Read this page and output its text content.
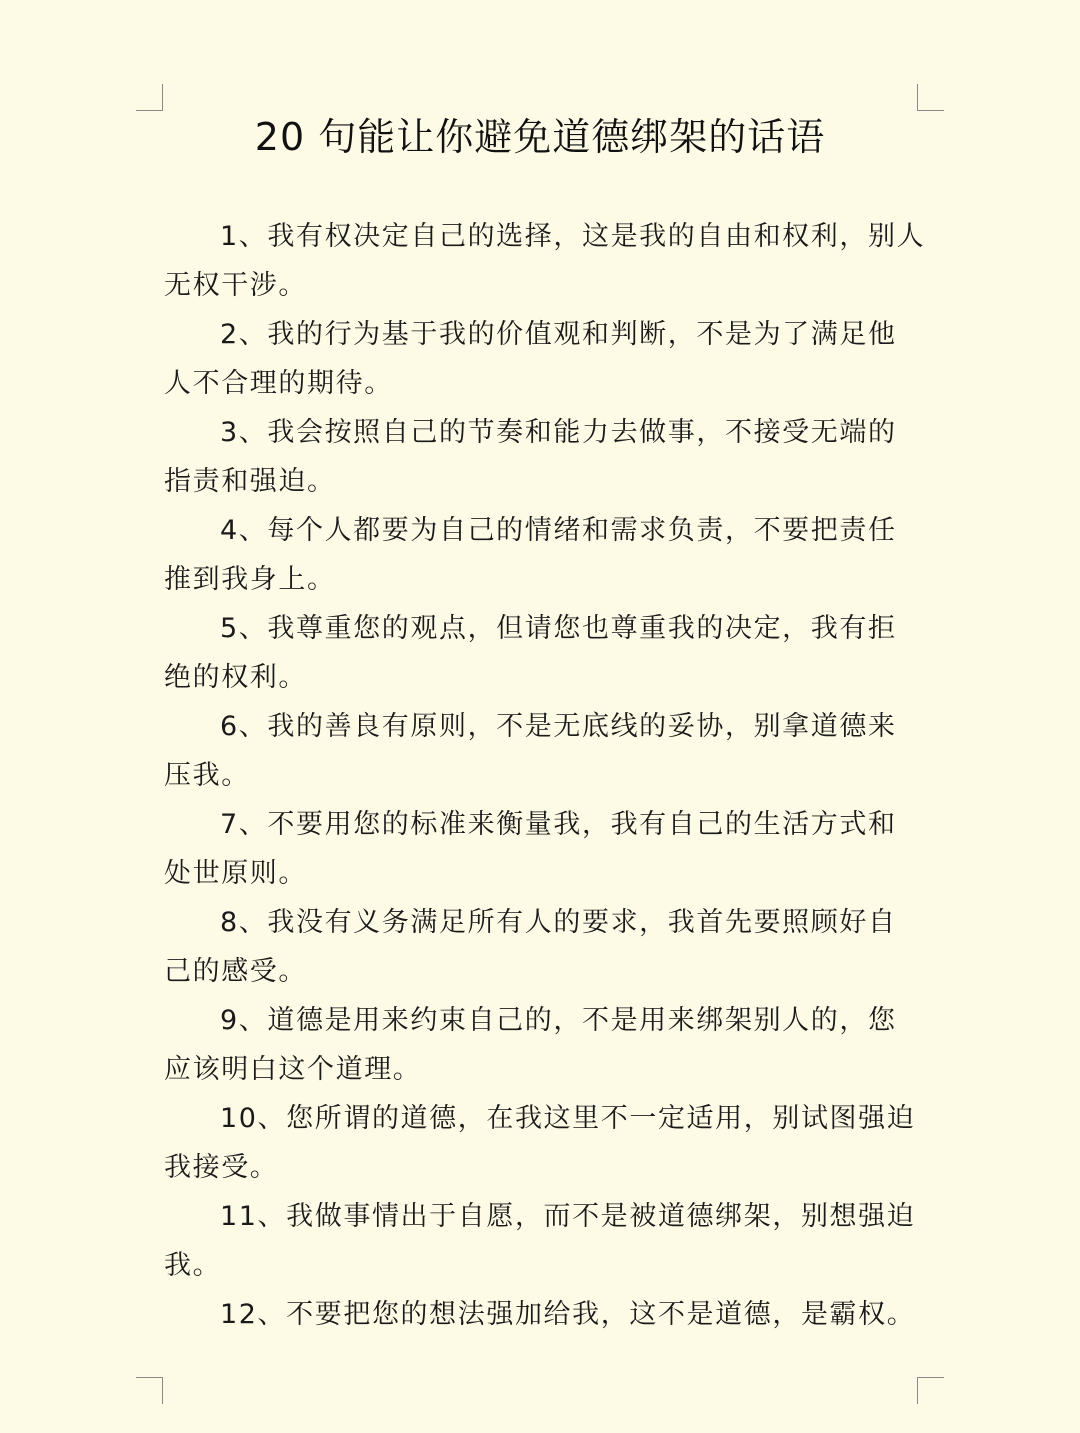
20 句能让你避免道德绑架的话语

1、我有权决定自己的选择，这是我的自由和权利，别人
无权干涉。

2、我的行为基于我的价值观和判断，不是为了满足他
人不合理的期待。

3、我会按照自己的节奏和能力去做事，不接受无端的
指责和强迫。

4、每个人都要为自己的情绪和需求负责，不要把责任
推到我身上。

5、我尊重您的观点，但请您也尊重我的决定，我有拒
绝的权利。

6、我的善良有原则，不是无底线的妥协，别拿道德来
压我。

7、不要用您的标准来衡量我，我有自己的生活方式和
处世原则。

8、我没有义务满足所有人的要求，我首先要照顾好自
己的感受。

9、道德是用来约束自己的，不是用来绑架别人的，您
应该明白这个道理。

10、您所谓的道德，在我这里不一定适用，别试图强迫
我接受。

11、我做事情出于自愿，而不是被道德绑架，别想强迫我。

12、不要把您的想法强加给我，这不是道德，是霸权。
